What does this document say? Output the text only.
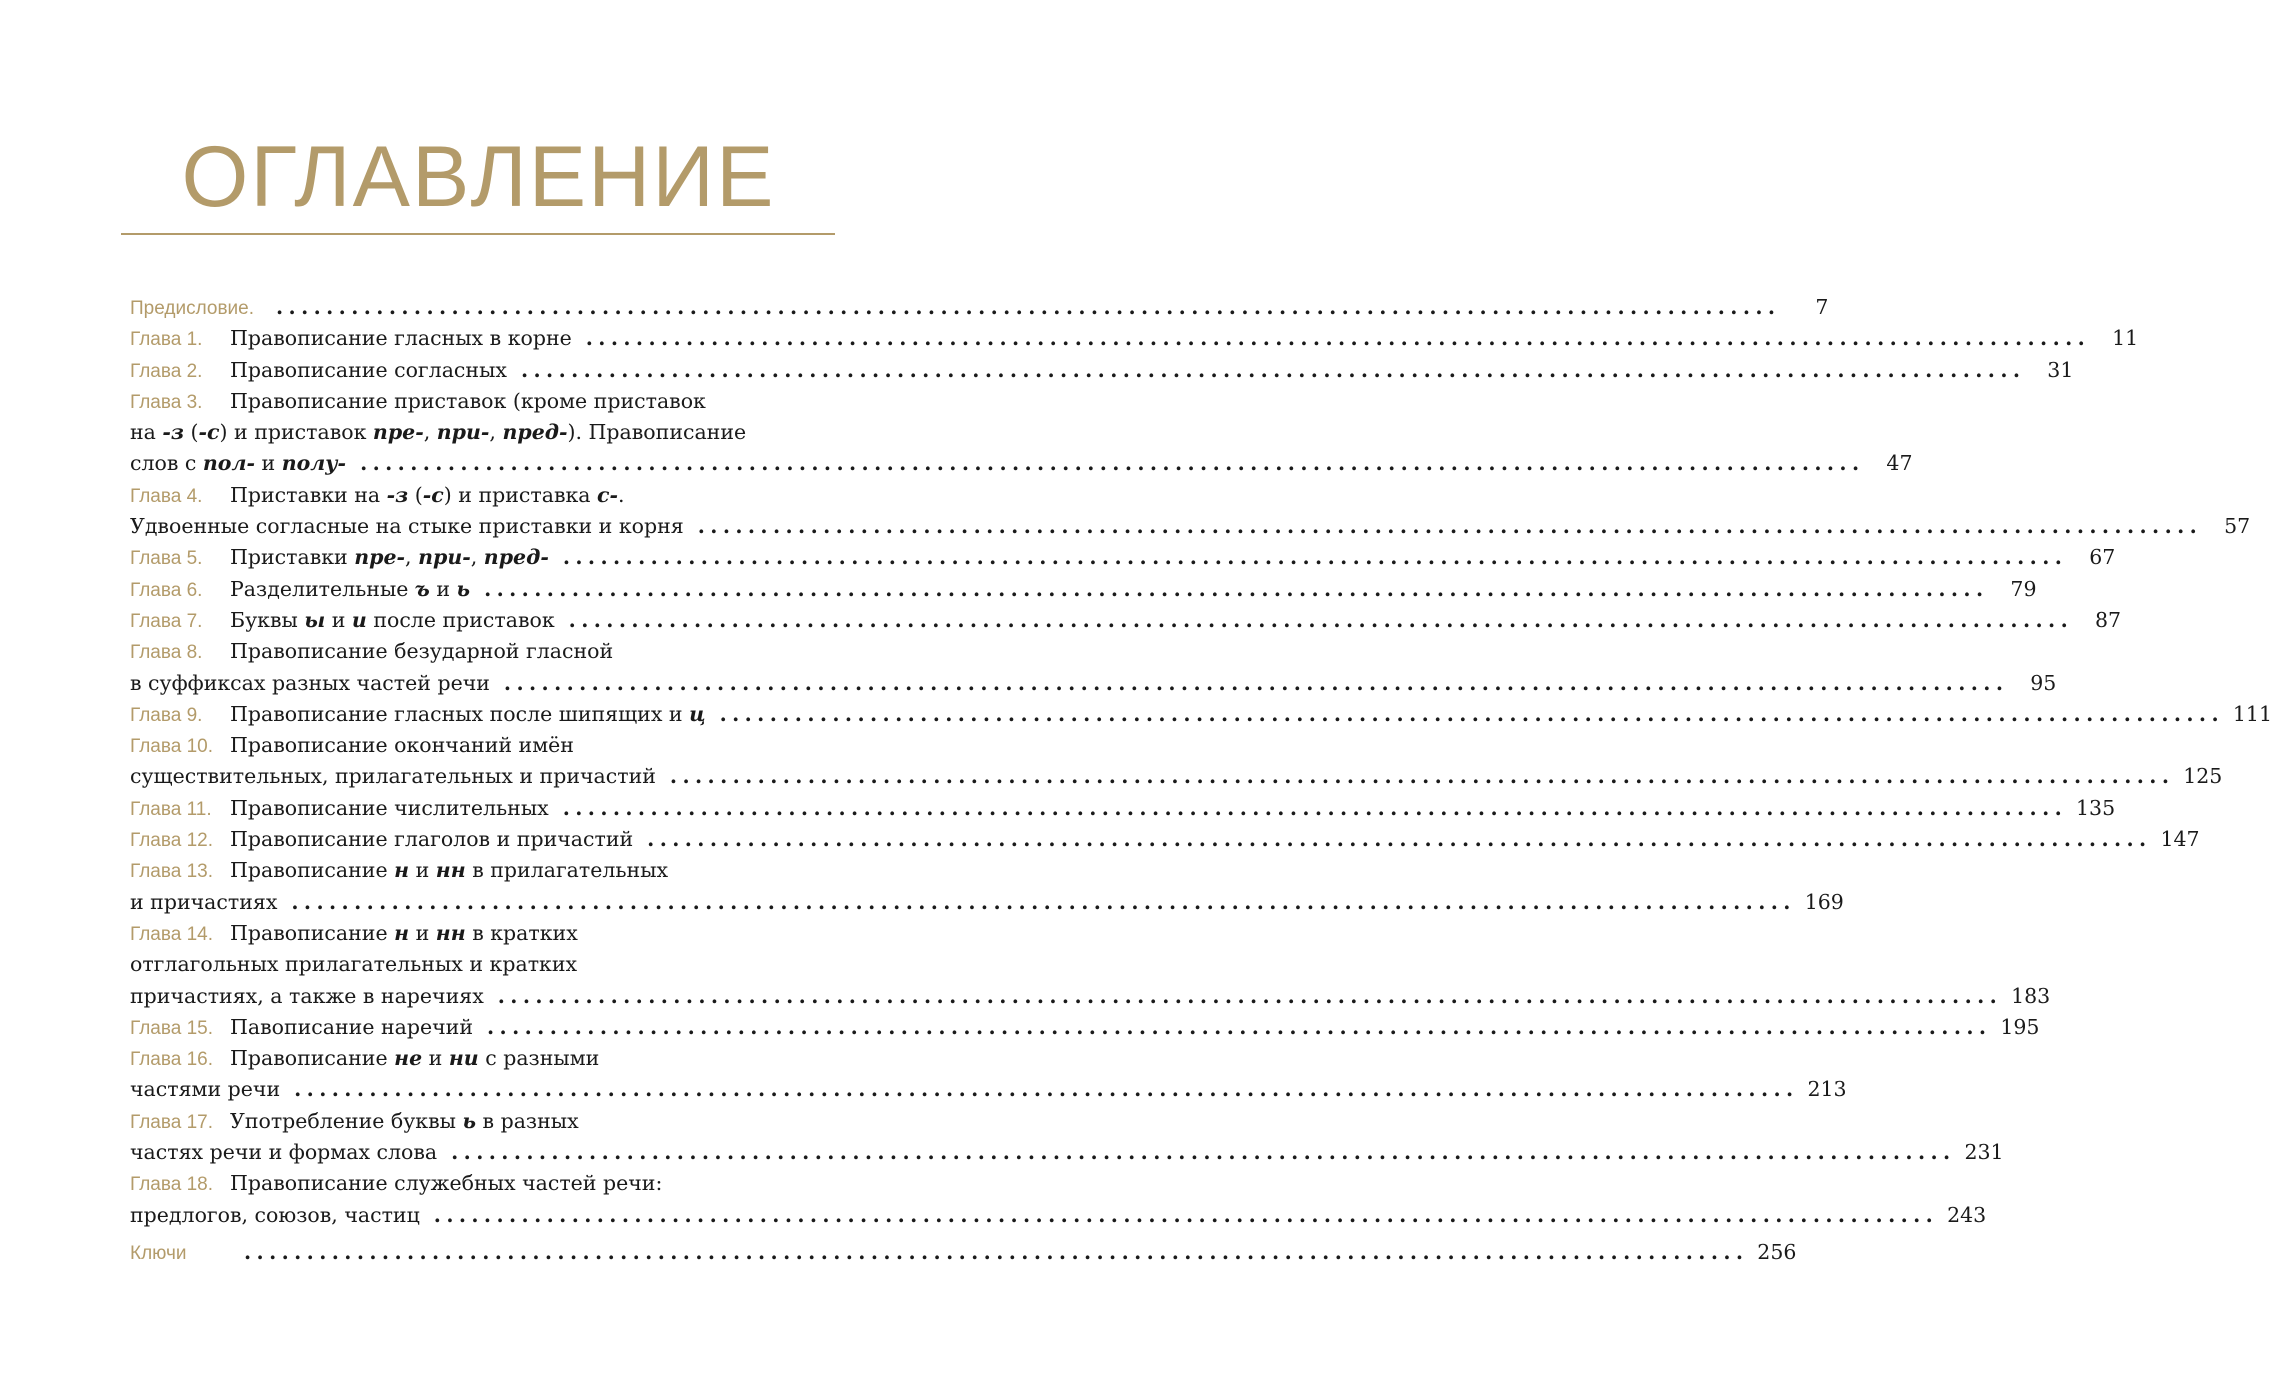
ОГЛАВЛЕНИЕ
Предисловие. ........................................................................................................................	7
Глава 1.	Правописание гласных в корне ........................................................................................................................	11
Глава 2.	Правописание согласных ........................................................................................................................	31
Глава 3.	Правописание приставок (кроме приставок
на -з (-с) и приставок пре-, при-, пред-). Правописание
слов с пол- и полу- ........................................................................................................................	47
Глава 4.	Приставки на -з (-с) и приставка с-.
Удвоенные согласные на стыке приставки и корня ........................................................................................................................	57
Глава 5.	Приставки пре-, при-, пред- ........................................................................................................................	67
Глава 6.	Разделительные ъ и ь ........................................................................................................................	79
Глава 7.	Буквы ы и и после приставок ........................................................................................................................	87
Глава 8.	Правописание безударной гласной
в суффиксах разных частей речи ........................................................................................................................	95
Глава 9.	Правописание гласных после шипящих и ц ........................................................................................................................ 111
Глава 10. Правописание окончаний имён
существительных, прилагательных и причастий ........................................................................................................................ 125
Глава 11. Правописание числительных ........................................................................................................................ 135
Глава 12. Правописание глаголов и причастий ........................................................................................................................ 147
Глава 13. Правописание н и нн в прилагательных
и причастиях ........................................................................................................................ 169
Глава 14. Правописание н и нн в кратких
отглагольных прилагательных и кратких
причастиях, а также в наречиях ........................................................................................................................ 183
Глава 15. Павописание наречий ........................................................................................................................ 195
Глава 16. Правописание не и ни с разными
частями речи ........................................................................................................................ 213
Глава 17. Употребление буквы ь в разных
частях речи и формах слова ........................................................................................................................ 231
Глава 18. Правописание служебных частей речи:
предлогов, союзов, частиц ........................................................................................................................ 243
Ключи	........................................................................................................................ 256
